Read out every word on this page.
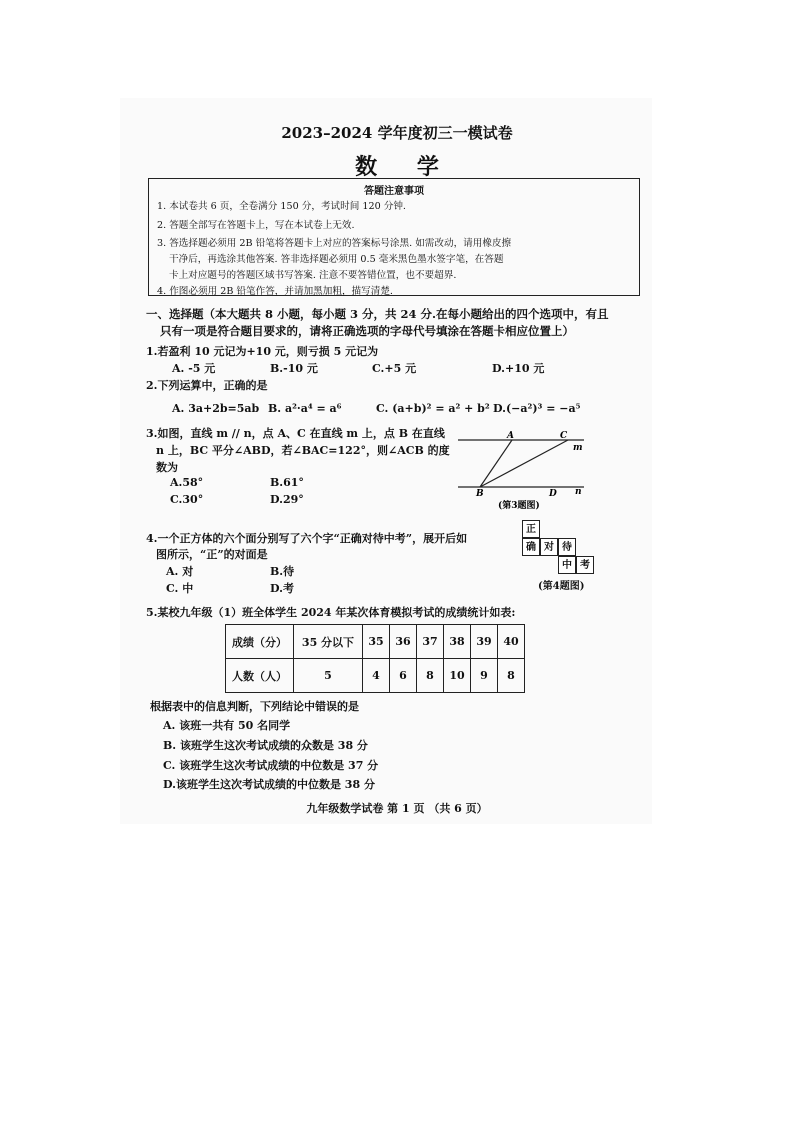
2023–2024 学年度初三一模试卷
数 学
答题注意事项
1. 本试卷共 6 页，全卷满分 150 分，考试时间 120 分钟.
2. 答题全部写在答题卡上，写在本试卷上无效.
3. 答选择题必须用 2B 铅笔将答题卡上对应的答案标号涂黑. 如需改动，请用橡皮擦
干净后，再选涂其他答案. 答非选择题必须用 0.5 毫米黑色墨水签字笔，在答题
卡上对应题号的答题区域书写答案. 注意不要答错位置，也不要超界.
4. 作图必须用 2B 铅笔作答，并请加黑加粗，描写清楚.
一、选择题（本大题共 8 小题，每小题 3 分，共 24 分.在每小题给出的四个选项中，有且
只有一项是符合题目要求的，请将正确选项的字母代号填涂在答题卡相应位置上）
1.若盈利 10 元记为+10 元，则亏损 5 元记为
A. -5 元	B.-10 元	C.+5 元	D.+10 元
2.下列运算中，正确的是
A. 3a+2b=5ab B. a²·a⁴ = a⁶	C. (a+b)² = a² + b² D.(−a²)³ = −a⁵
3.如图，直线 m // n，点 A、C 在直线 m 上，点 B 在直线
n 上，BC 平分∠ABD，若∠BAC=122°，则∠ACB 的度
数为
A.58°	B.61°
C.30°	D.29°
A	C
m
B	D n
(第3题图)
4.一个正方体的六个面分别写了六个字“正确对待中考”，展开后如
图所示，“正”的对面是
A. 对	B.待
C. 中	D.考
正
确 对 待
中 考
(第4题图)
5.某校九年级（1）班全体学生 2024 年某次体育模拟考试的成绩统计如表:
成绩（分）	35 分以下	35	36	37	38	39	40
人数（人）	5	4	6	8	10	9	8
根据表中的信息判断，下列结论中错误的是
A. 该班一共有 50 名同学
B. 该班学生这次考试成绩的众数是 38 分
C. 该班学生这次考试成绩的中位数是 37 分
D.该班学生这次考试成绩的中位数是 38 分
九年级数学试卷 第 1 页 （共 6 页）
